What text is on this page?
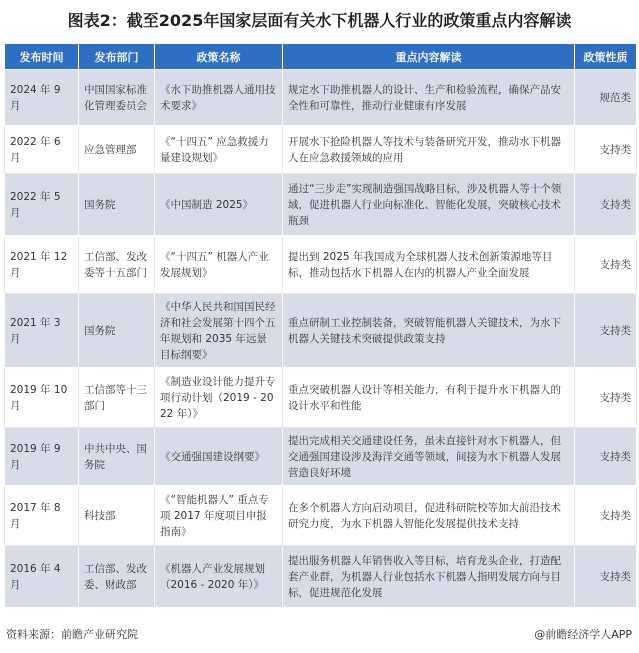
图表2：截至2025年国家层面有关水下机器人行业的政策重点内容解读
发布时间	发布部门	政策名称	重点内容解读	政策性质
2024 年 9 月	中国国家标准化管理委员会	《水下助推机器人通用技术要求》	规定水下助推机器人的设计、生产和检验流程，确保产品安全性和可靠性，推动行业健康有序发展	规范类
2022 年 6 月	应急管理部	《“十四五” 应急救援力量建设规划》	开展水下抢险机器人等技术与装备研究开发，推动水下机器人在应急救援领域的应用	支持类
2022 年 5 月	国务院	《中国制造 2025》	通过“三步走”实现制造强国战略目标，涉及机器人等十个领域，促进机器人行业向标准化、智能化发展，突破核心技术瓶颈	支持类
2021 年 12 月	工信部、发改委等十五部门	《“十四五” 机器人产业发展规划》	提出到 2025 年我国成为全球机器人技术创新策源地等目标，推动包括水下机器人在内的机器人产业全面发展	支持类
2021 年 3 月	国务院	《中华人民共和国国民经济和社会发展第十四个五年规划和 2035 年远景目标纲要》	重点研制工业控制装备，突破智能机器人关键技术，为水下机器人关键技术突破提供政策支持	支持类
2019 年 10 月	工信部等十三部门	《制造业设计能力提升专项行动计划（2019 - 2022 年）》	重点突破机器人设计等相关能力，有利于提升水下机器人的设计水平和性能	支持类
2019 年 9 月	中共中央、国务院	《交通强国建设纲要》	提出完成相关交通建设任务，虽未直接针对水下机器人，但交通强国建设涉及海洋交通等领域，间接为水下机器人发展营造良好环境	支持类
2017 年 8 月	科技部	《“智能机器人” 重点专项 2017 年度项目申报指南》	在多个机器人方向启动项目，促进科研院校等加大前沿技术研究力度，为水下机器人智能化发展提供技术支持	支持类
2016 年 4 月	工信部、发改委、财政部	《机器人产业发展规划（2016 - 2020 年）》	提出服务机器人年销售收入等目标，培育龙头企业，打造配套产业群，为机器人行业包括水下机器人指明发展方向与目标，促进规范化发展	支持类
资料来源：前瞻产业研究院	@前瞻经济学人APP
